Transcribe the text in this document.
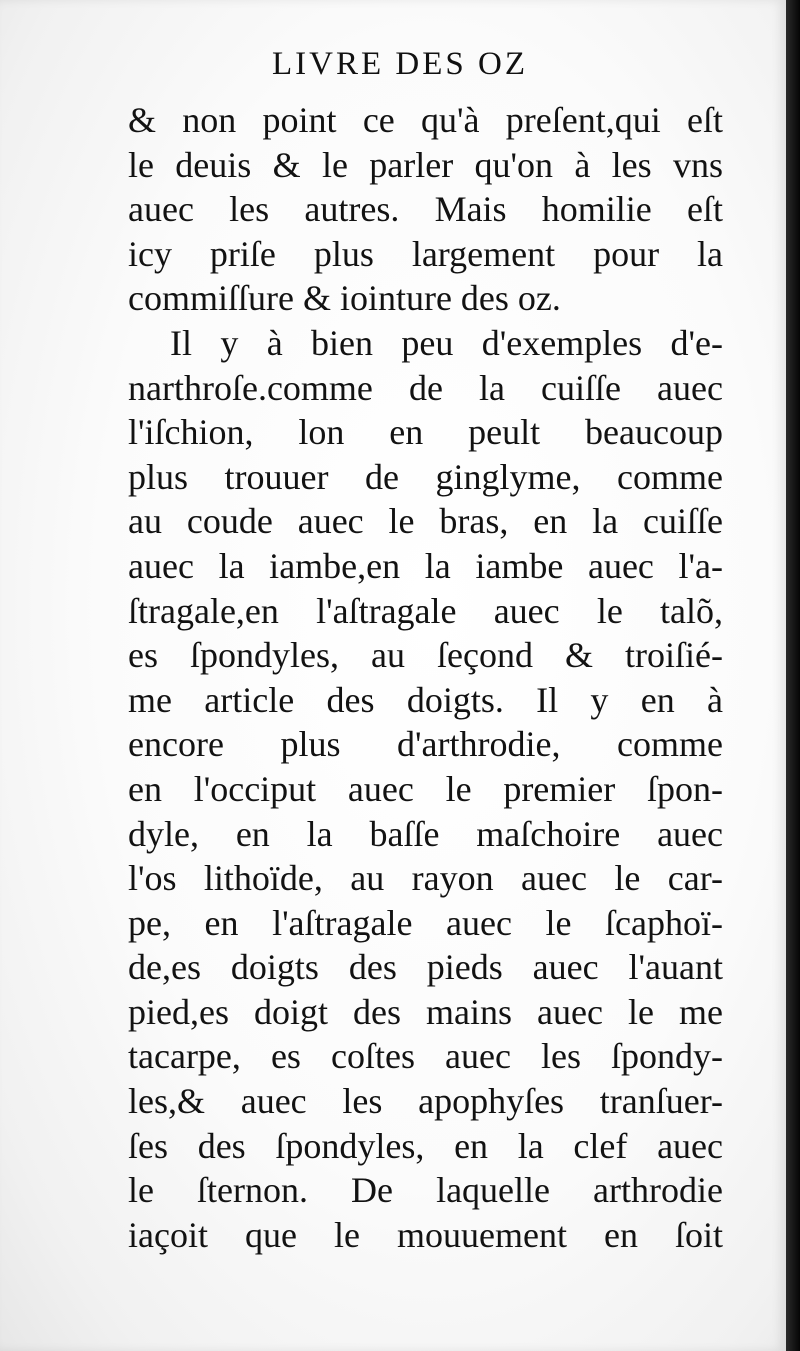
LIVRE DES OZ
& non point ce qu'à preſent,qui eſt
le deuis & le parler qu'on à les vns
auec les autres. Mais homilie eſt
icy priſe plus largement pour la
commiſſure & iointure des oz.
Il y à bien peu d'exemples d'e-
narthroſe.comme de la cuiſſe auec
l'iſchion, lon en peult beaucoup
plus trouuer de ginglyme, comme
au coude auec le bras, en la cuiſſe
auec la iambe,en la iambe auec l'a-
ſtragale,en l'aſtragale auec le talõ,
es ſpondyles, au ſeçond & troiſié-
me article des doigts. Il y en à
encore plus d'arthrodie, comme
en l'occiput auec le premier ſpon-
dyle, en la baſſe maſchoire auec
l'os lithoïde, au rayon auec le car-
pe, en l'aſtragale auec le ſcaphoï-
de,es doigts des pieds auec l'auant
pied,es doigt des mains auec le me
tacarpe, es coſtes auec les ſpondy-
les,& auec les apophyſes tranſuer-
ſes des ſpondyles, en la clef auec
le ſternon. De laquelle arthrodie
iaçoit que le mouuement en ſoit
